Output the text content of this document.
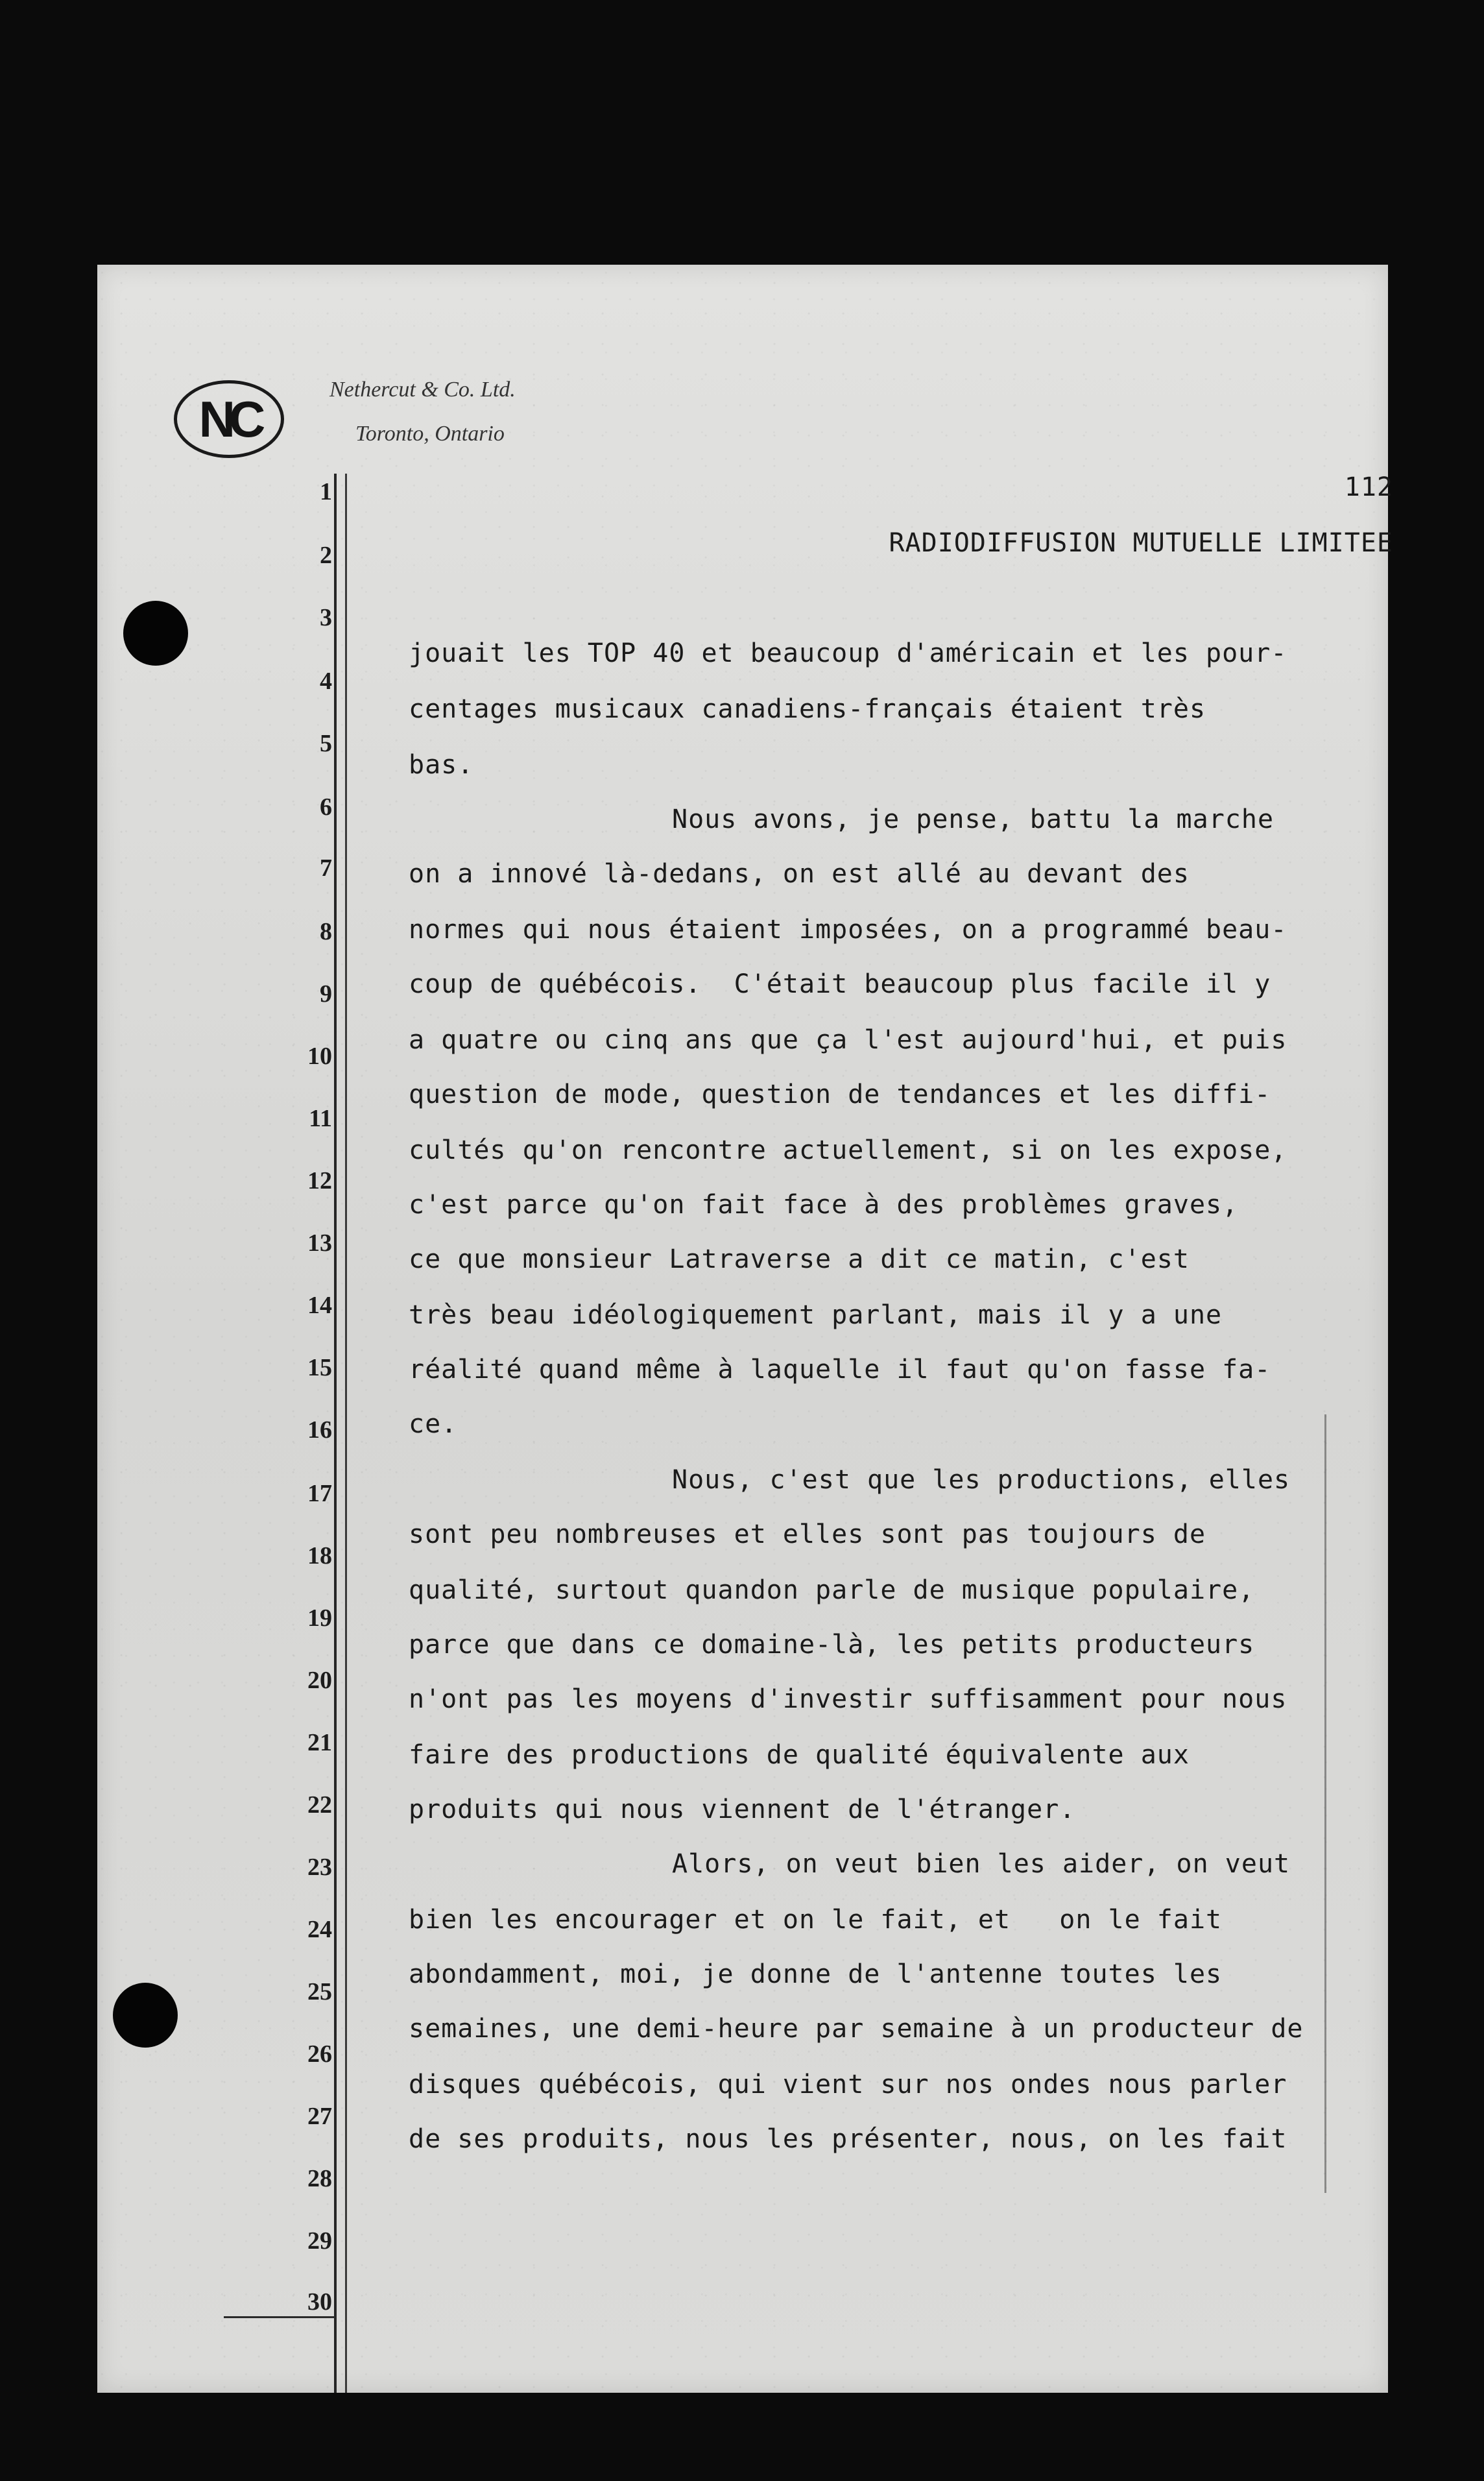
NC
Nethercut & Co. Ltd.
Toronto, Ontario
112
RADIODIFFUSION MUTUELLE LIMITEE
1
2
3
4
5
6
7
8
9
10
11
12
13
14
15
16
17
18
19
20
21
22
23
24
25
26
27
28
29
30
jouait les TOP 40 et beaucoup d'américain et les pour-
centages musicaux canadiens-français étaient très
bas.
Nous avons, je pense, battu la marche
on a innové là-dedans, on est allé au devant des
normes qui nous étaient imposées, on a programmé beau-
coup de québécois.  C'était beaucoup plus facile il y
a quatre ou cinq ans que ça l'est aujourd'hui, et puis
question de mode, question de tendances et les diffi-
cultés qu'on rencontre actuellement, si on les expose,
c'est parce qu'on fait face à des problèmes graves,
ce que monsieur Latraverse a dit ce matin, c'est
très beau idéologiquement parlant, mais il y a une
réalité quand même à laquelle il faut qu'on fasse fa-
ce.
Nous, c'est que les productions, elles
sont peu nombreuses et elles sont pas toujours de
qualité, surtout quandon parle de musique populaire,
parce que dans ce domaine-là, les petits producteurs
n'ont pas les moyens d'investir suffisamment pour nous
faire des productions de qualité équivalente aux
produits qui nous viennent de l'étranger.
Alors, on veut bien les aider, on veut
bien les encourager et on le fait, et   on le fait
abondamment, moi, je donne de l'antenne toutes les
semaines, une demi-heure par semaine à un producteur de
disques québécois, qui vient sur nos ondes nous parler
de ses produits, nous les présenter, nous, on les fait
